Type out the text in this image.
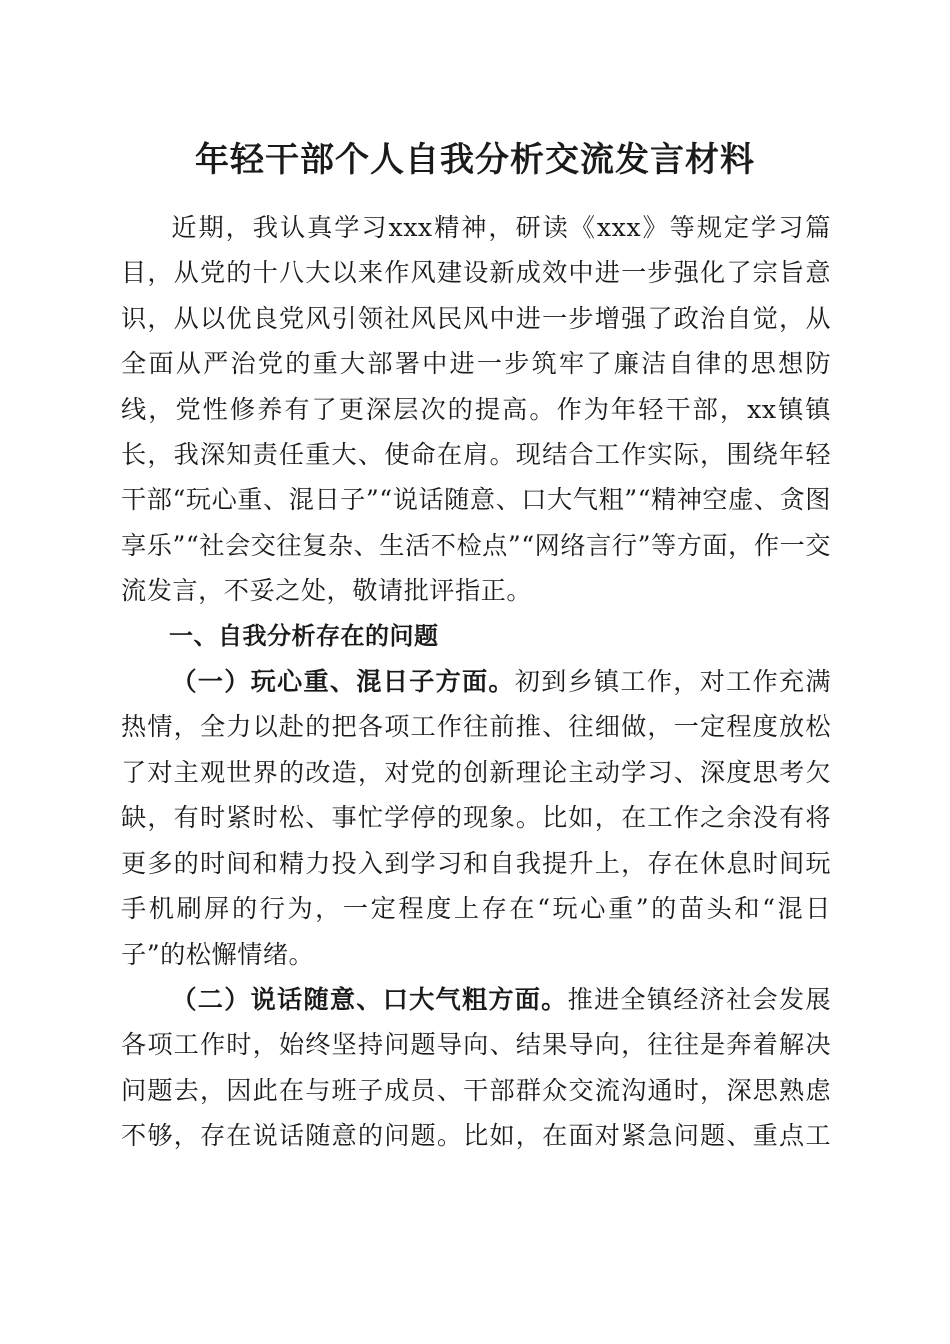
年轻干部个人自我分析交流发言材料

近期，我认真学习xxx精神，研读《xxx》等规定学习篇目，从党的十八大以来作风建设新成效中进一步强化了宗旨意识，从以优良党风引领社风民风中进一步增强了政治自觉，从全面从严治党的重大部署中进一步筑牢了廉洁自律的思想防线，党性修养有了更深层次的提高。作为年轻干部，xx镇镇长，我深知责任重大、使命在肩。现结合工作实际，围绕年轻干部“玩心重、混日子”“说话随意、口大气粗”“精神空虚、贪图享乐”“社会交往复杂、生活不检点”“网络言行”等方面，作一交流发言，不妥之处，敬请批评指正。

一、自我分析存在的问题

（一）玩心重、混日子方面。初到乡镇工作，对工作充满热情，全力以赴的把各项工作往前推、往细做，一定程度放松了对主观世界的改造，对党的创新理论主动学习、深度思考欠缺，有时紧时松、事忙学停的现象。比如，在工作之余没有将更多的时间和精力投入到学习和自我提升上，存在休息时间玩手机刷屏的行为，一定程度上存在“玩心重”的苗头和“混日子”的松懈情绪。

（二）说话随意、口大气粗方面。推进全镇经济社会发展各项工作时，始终坚持问题导向、结果导向，往往是奔着解决问题去，因此在与班子成员、干部群众交流沟通时，深思熟虑不够，存在说话随意的问题。比如，在面对紧急问题、重点工
